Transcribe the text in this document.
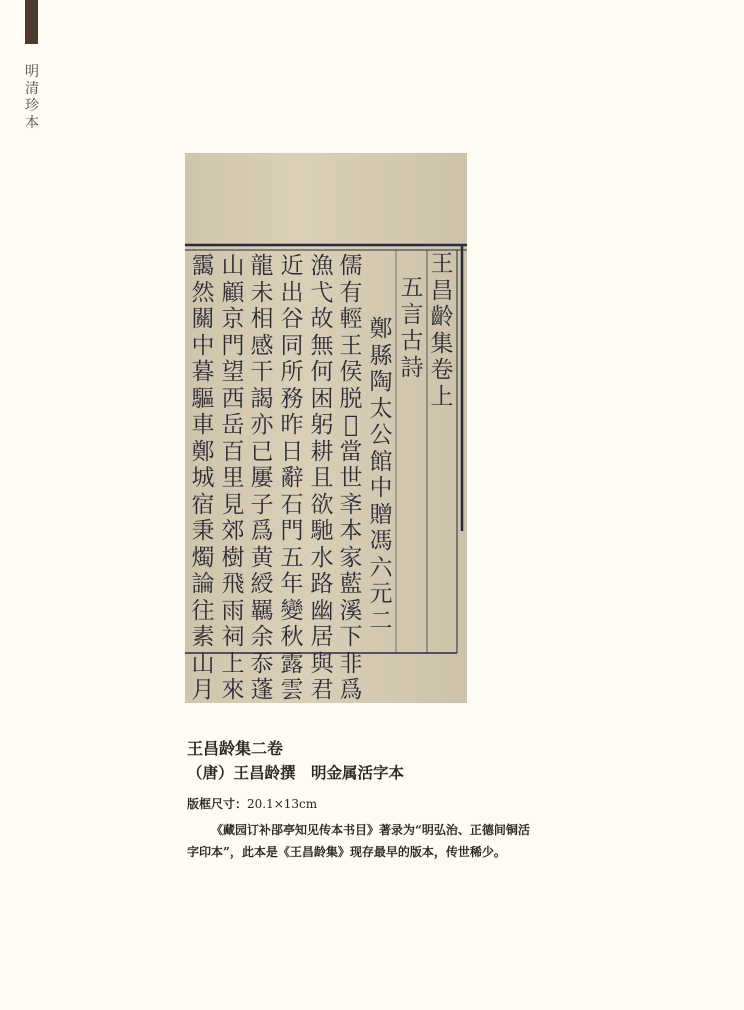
明清珍本
王昌齡集卷上
五言古詩
鄭縣陶太公館中贈馮六元二
儒有輕王侯脱𡺚當世㪯本家藍溪下非爲
漁弋故無何困躬耕且欲馳水路幽居與君
近出谷同所務昨日辭石門五年變秋露雲
龍未相感干謁亦已屢子爲黄綬羈余忝蓬
山顧京門望西岳百里見郊樹飛雨祠上來
靄然關中暮驅車鄭城宿秉燭論往素山月

王昌龄集二卷

（唐）王昌龄撰　明金属活字本

版框尺寸：20.1×13cm

《藏园订补郘亭知见传本书目》著录为“明弘治、正德间铜活字印本”，此本是《王昌龄集》现存最早的版本，传世稀少。
